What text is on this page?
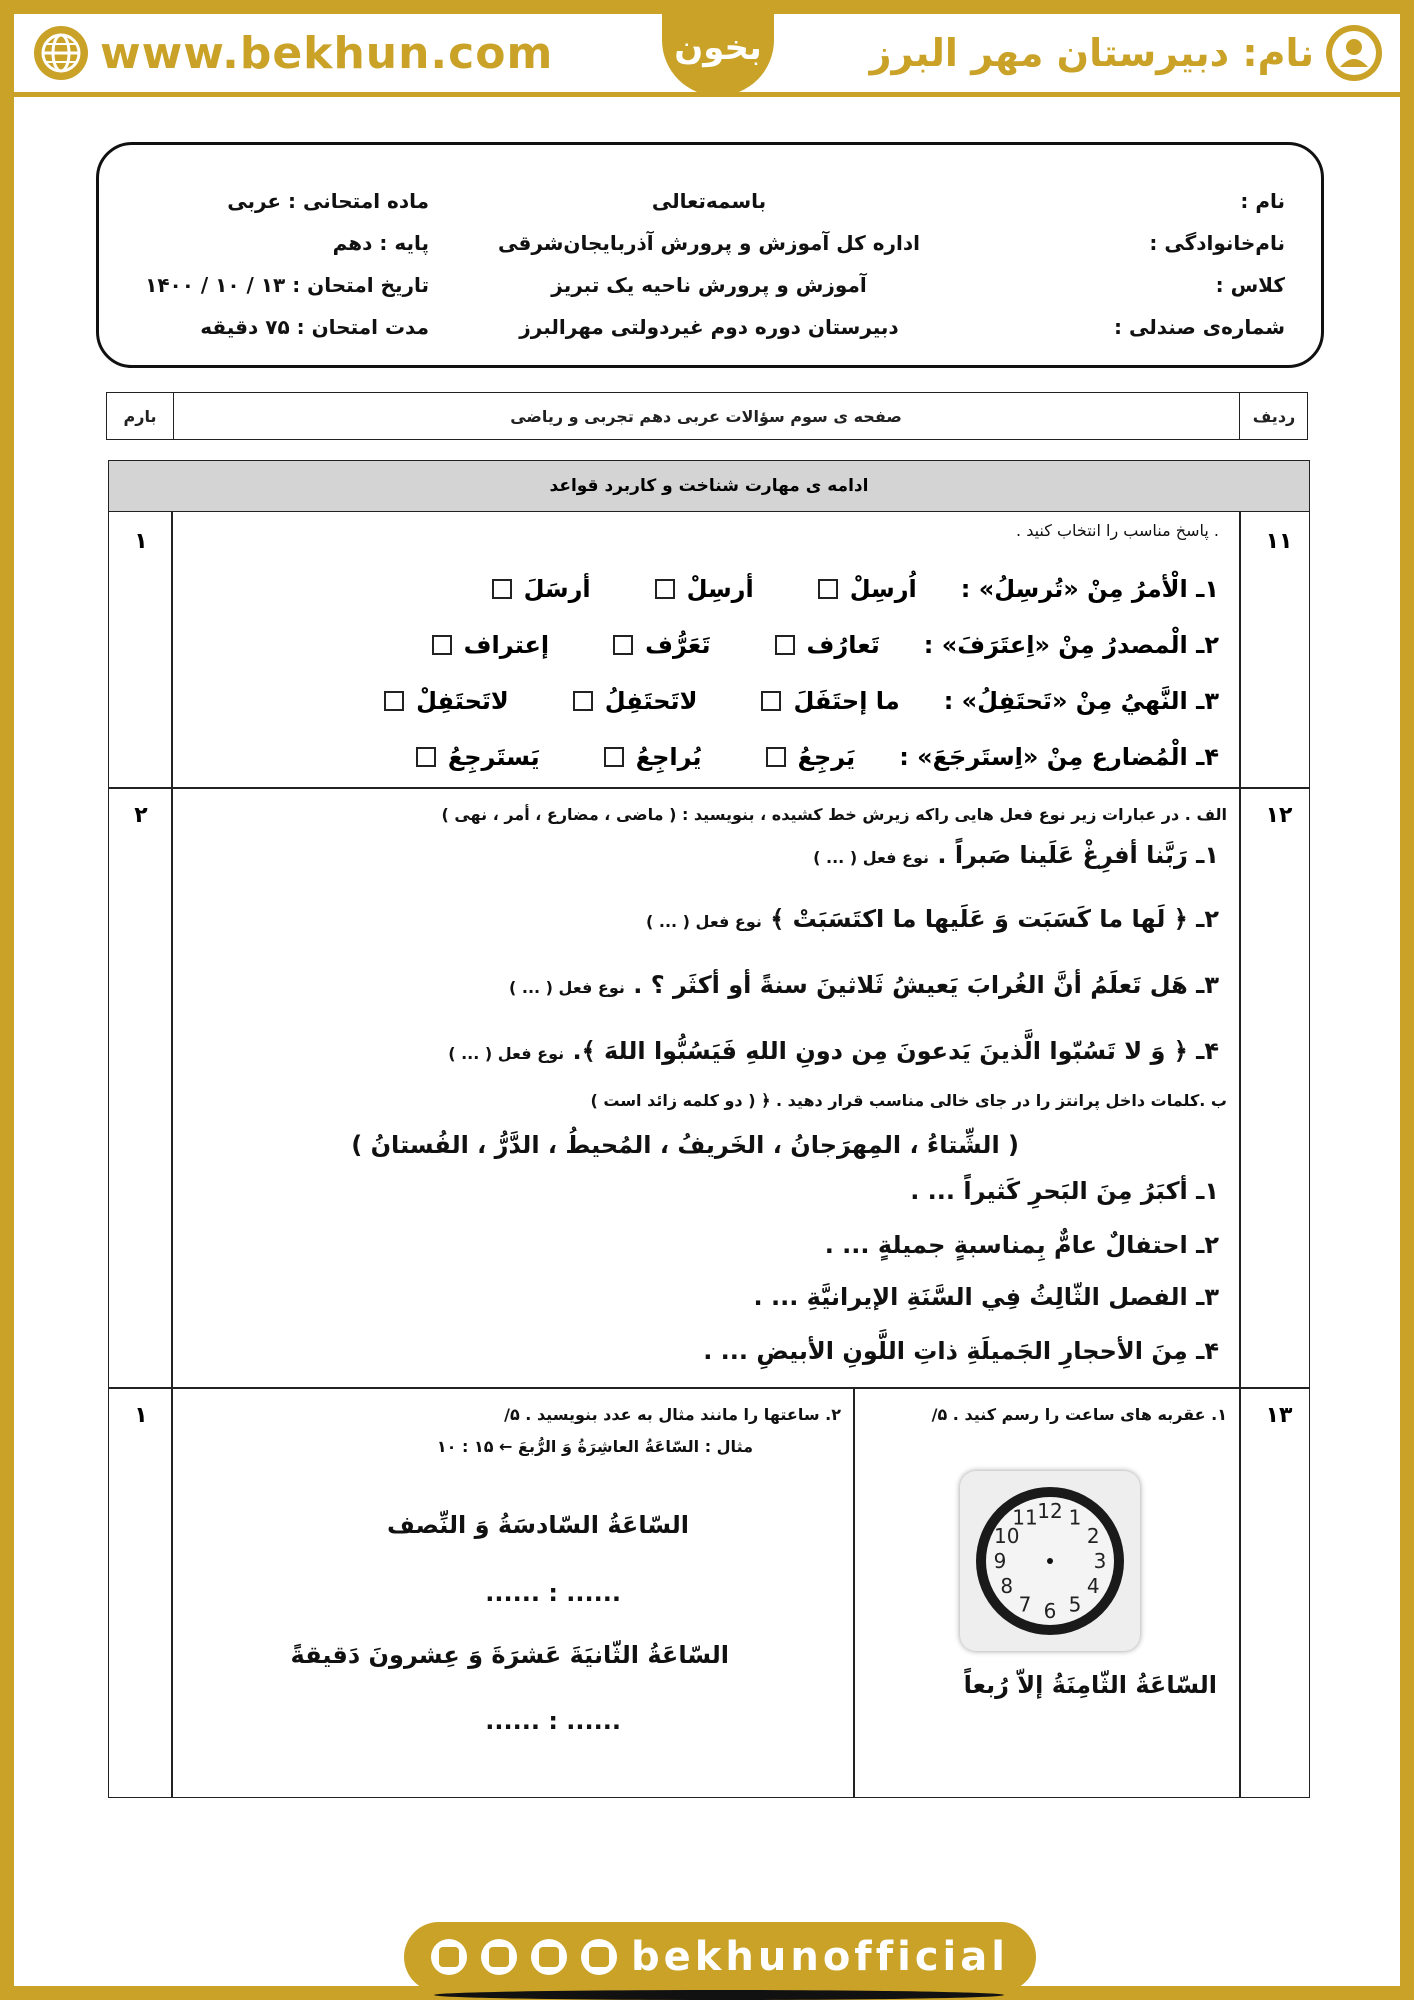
www.bekhun.com	بخون	نام: دبیرستان مهر البرز
نام :
نام‌خانوادگی :
کلاس :
شماره‌ی صندلی :
باسمه‌تعالی
اداره کل آموزش و پرورش آذربایجان‌شرقی
آموزش و پرورش ناحیه یک تبریز
دبیرستان دوره دوم غیردولتی مهرالبرز
ماده امتحانی : عربی
پایه : دهم
تاریخ امتحان : ۱۳ / ۱۰ / ۱۴۰۰
مدت امتحان : ۷۵ دقیقه
بارم	صفحه ی سوم سؤالات عربی دهم تجربی و ریاضی	ردیف
ادامه ی مهارت شناخت و کاربرد قواعد
۱۱
۱	. پاسخ مناسب را انتخاب کنید .
۱ـ الْأمرُ مِنْ «تُرسِلُ» :
اُرسِلْ
أرسِلْ
أرسَلَ
۲ـ الْمصدرُ مِنْ «اِعتَرَفَ» :
تَعارُف
تَعَرُّف
إعتراف
۳ـ النَّهيُ مِنْ «تَحتَفِلُ» :
ما إحتَفَلَ
لاتَحتَفِلُ
لاتَحتَفِلْ
۴ـ الْمُضارع مِنْ «اِستَرجَعَ» :
يَرجِعُ
يُراجِعُ
يَستَرجِعُ
۱۲
۲	الف . در عبارات زیر نوع فعل هایی راکه زیرش خط کشیده ، بنویسید : ( ماضی ، مضارع ، أمر ، نهی )
۱ـ رَبَّنا أفرِغْ عَلَينا صَبراً . نوع فعل ( ... )
۲ـ ﴿ لَها ما كَسَبَت وَ عَلَيها ما اكتَسَبَتْ ﴾ نوع فعل ( ... )
۳ـ هَل تَعلَمُ أنَّ الغُرابَ يَعيشُ ثَلاثينَ سنةً أو أكثَر ؟ . نوع فعل ( ... )
۴ـ ﴿ وَ لا تَسُبّوا الَّذينَ يَدعونَ مِن دونِ اللهِ فَيَسُبُّوا اللهَ ﴾. نوع فعل ( ... )
ب .کلمات داخل پرانتز را در جای خالی مناسب قرار دهید . ﴿ ( دو کلمه زائد است )
( الشِّتاءُ ، المِهرَجانُ ، الخَريفُ ، المُحيطُ ، الدَّرُّ ، الفُستانُ )
۱ـ أكبَرُ مِنَ البَحرِ كَثيراً ... .
۲ـ احتفالٌ عامٌّ بِمناسبةٍ جميلةٍ ... .
۳ـ الفصل الثّالِثُ فِي السَّنَةِ الإيرانيَّةِ ... .
۴ـ مِنَ الأحجارِ الجَميلَةِ ذاتِ اللَّونِ الأبيضِ ... .
۱۳
۱	۱. عقربه های ساعت را رسم کنید . ۵/
12 1
2
3
4
5
6
7
8
9
10
11
السّاعَةُ الثّامِنَةُ إلاّ رُبعاً
۲. ساعتها را مانند مثال به عدد بنویسید . ۵/
مثال : السّاعَةُ العاشِرَةُ وَ الرُّبعَ ← ۱۵ : ۱۰
السّاعَةُ السّادسَةُ وَ النِّصف
...... : ......
السّاعَةُ الثّانيَةَ عَشرَةَ وَ عِشرونَ دَقيقةً
...... : ......
bekhunofficial
